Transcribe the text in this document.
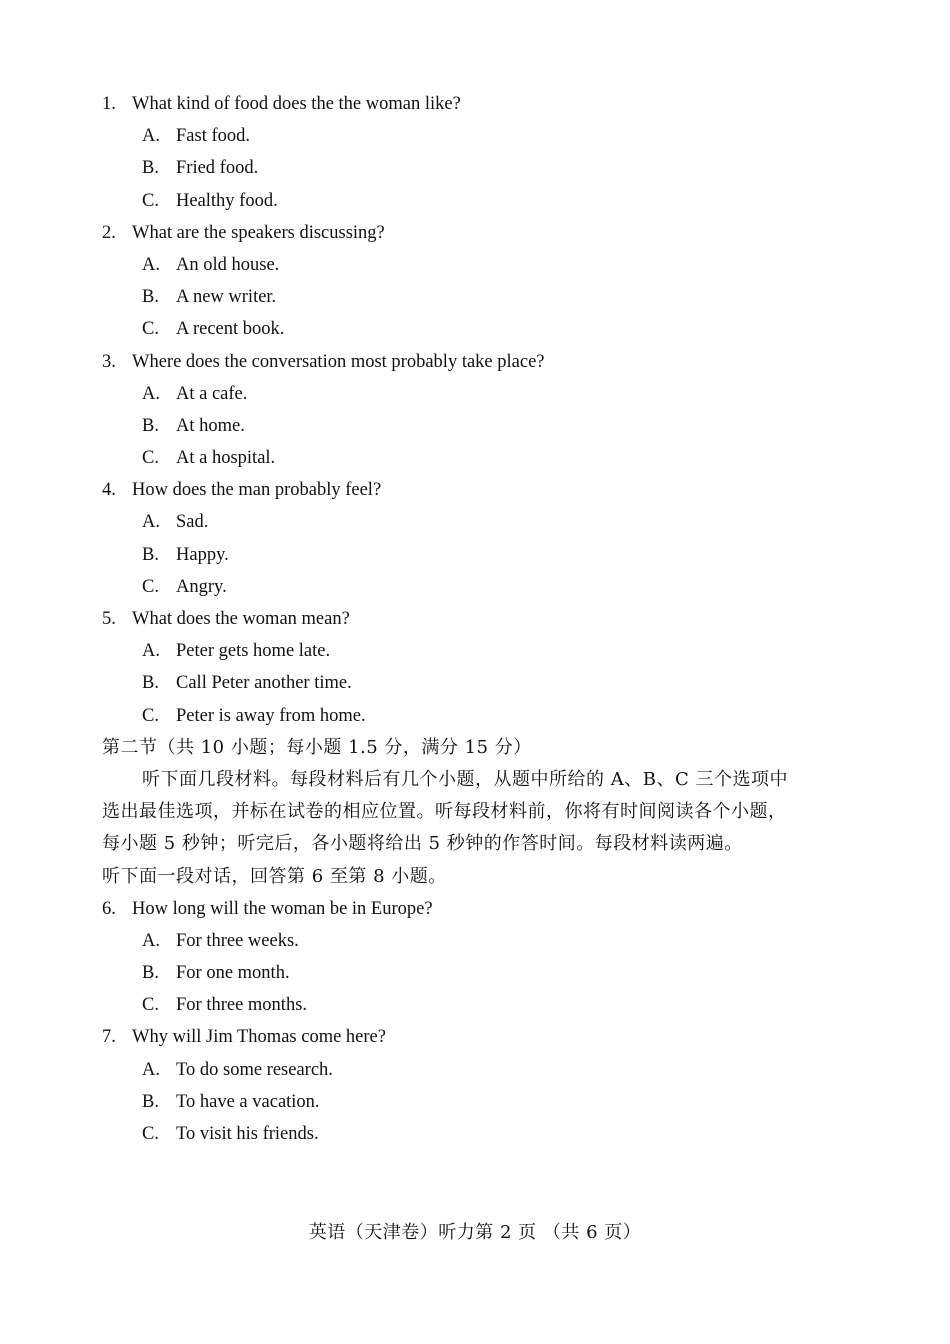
1. What kind of food does the the woman like?
A. Fast food.
B. Fried food.
C. Healthy food.
2. What are the speakers discussing?
A. An old house.
B. A new writer.
C. A recent book.
3. Where does the conversation most probably take place?
A. At a cafe.
B. At home.
C. At a hospital.
4. How does the man probably feel?
A. Sad.
B. Happy.
C. Angry.
5. What does the woman mean?
A. Peter gets home late.
B. Call Peter another time.
C. Peter is away from home.
第二节（共 10 小题；每小题 1.5 分，满分 15 分）
听下面几段材料。每段材料后有几个小题，从题中所给的 A、B、C 三个选项中
选出最佳选项，并标在试卷的相应位置。听每段材料前，你将有时间阅读各个小题，
每小题 5 秒钟；听完后，各小题将给出 5 秒钟的作答时间。每段材料读两遍。
听下面一段对话，回答第 6 至第 8 小题。
6. How long will the woman be in Europe?
A. For three weeks.
B. For one month.
C. For three months.
7. Why will Jim Thomas come here?
A. To do some research.
B. To have a vacation.
C. To visit his friends.
英语（天津卷）听力第 2 页 （共 6 页）
